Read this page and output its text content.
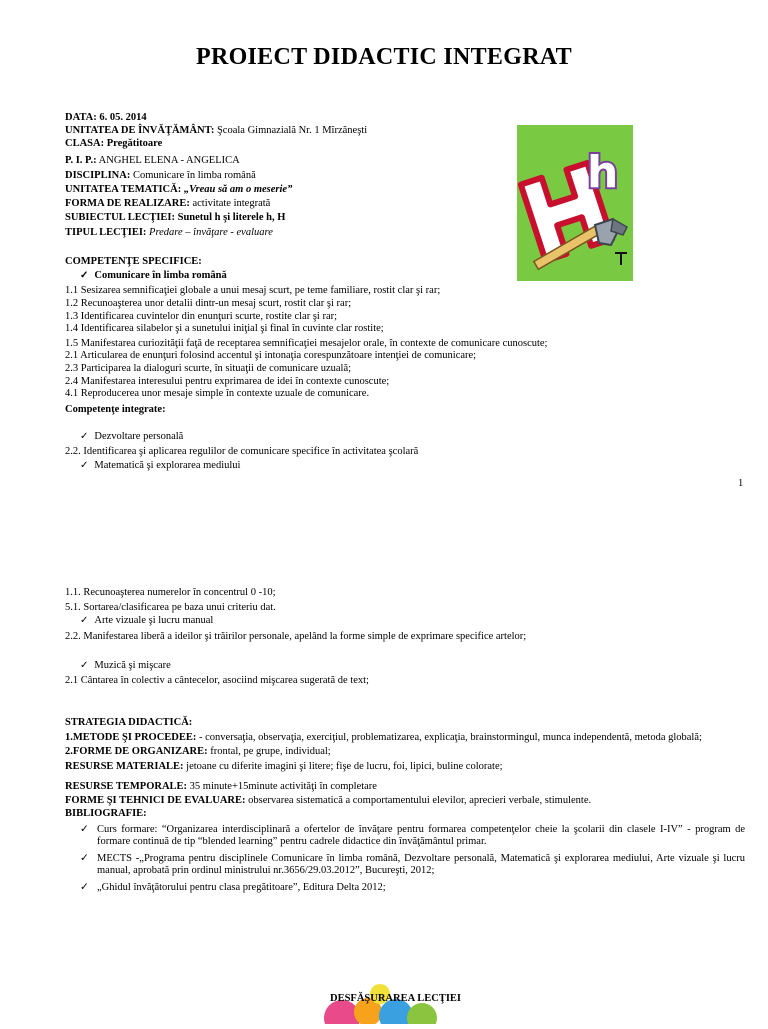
PROIECT DIDACTIC INTEGRAT
DATA: 6. 05. 2014
UNITATEA DE ÎNVĂŢĂMÂNT: Şcoala Gimnazială Nr. 1 Mîrzăneşti
CLASA: Pregătitoare
P. I. P.: ANGHEL ELENA - ANGELICA
DISCIPLINA: Comunicare în limba română
UNITATEA TEMATICĂ: „Vreau să am o meserie”
FORMA DE REALIZARE: activitate integrată
SUBIECTUL LECŢIEI: Sunetul h şi literele h, H
TIPUL LECŢIEI: Predare – învăţare - evaluare
h
COMPETENŢE SPECIFICE:
✓ Comunicare în limba română
1.1 Sesizarea semnificaţiei globale a unui mesaj scurt, pe teme familiare, rostit clar şi rar;
1.2 Recunoaşterea unor detalii dintr-un mesaj scurt, rostit clar şi rar;
1.3 Identificarea cuvintelor din enunţuri scurte, rostite clar şi rar;
1.4 Identificarea silabelor şi a sunetului iniţial şi final în cuvinte clar rostite;
1.5 Manifestarea curiozităţii faţă de receptarea semnificaţiei mesajelor orale, în contexte de comunicare cunoscute;
2.1 Articularea de enunţuri folosind accentul şi intonaţia corespunzătoare intenţiei de comunicare;
2.3 Participarea la dialoguri scurte, în situaţii de comunicare uzuală;
2.4 Manifestarea interesului pentru exprimarea de idei în contexte cunoscute;
4.1 Reproducerea unor mesaje simple în contexte uzuale de comunicare.
Competenţe integrate:
✓ Dezvoltare personală
2.2. Identificarea şi aplicarea regulilor de comunicare specifice în activitatea şcolară
✓ Matematică şi explorarea mediului
1
1.1. Recunoaşterea numerelor în concentrul 0 -10;
5.1. Sortarea/clasificarea pe baza unui criteriu dat.
✓ Arte vizuale şi lucru manual
2.2. Manifestarea liberă a ideilor şi trăirilor personale, apelând la forme simple de exprimare specifice artelor;
✓ Muzică şi mişcare
2.1 Cântarea în colectiv a cântecelor, asociind mişcarea sugerată de text;
STRATEGIA DIDACTICĂ:
1.METODE ŞI PROCEDEE: - conversaţia, observaţia, exerciţiul, problematizarea, explicaţia, brainstormingul, munca independentă, metoda globală;
2.FORME DE ORGANIZARE: frontal, pe grupe, individual;
RESURSE MATERIALE: jetoane cu diferite imagini şi litere; fişe de lucru, foi, lipici, buline colorate;
RESURSE TEMPORALE: 35 minute+15minute activităţi în completare
FORME ŞI TEHNICI DE EVALUARE: observarea sistematică a comportamentului elevilor, aprecieri verbale, stimulente.
BIBLIOGRAFIE:
✓ Curs formare: “Organizarea interdisciplinară a ofertelor de învăţare pentru formarea competenţelor cheie la şcolarii din clasele I-IV” - program de formare continuă de tip “blended learning” pentru cadrele didactice din învăţământul primar.
✓ MECTS -„Programa pentru disciplinele Comunicare în limba română, Dezvoltare personală, Matematică şi explorarea mediului, Arte vizuale şi lucru manual, aprobată prin ordinul ministrului nr.3656/29.03.2012”, Bucureşti, 2012;
✓ „Ghidul învăţătorului pentru clasa pregătitoare”, Editura Delta 2012;
DESFĂŞURAREA LECŢIEI
